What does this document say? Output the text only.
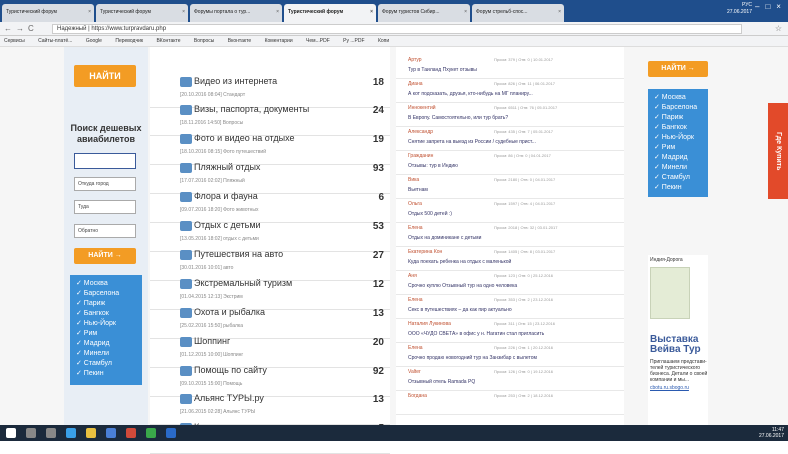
Туристический форум	×	Туристический форум	×	Форумы портала о тур...	×	Туристический форум	×	Форум туристов Сибир...	×	Форум стрельб-спос...	×
РУС
27.06.2017
–□×
←→C	Надежный | https://www.turpravdaru.php	☆
Сервисы	Сайты-платё...	Google	Переводчик	ВКонтакте	Вопросы	Вконтакте	Коментарии	Чем...PDF	Ру ...PDF	Копи
НАЙТИ
Поиск дешевых авиабилетов
Откуда город
Туда
Обратно
НАЙТИ →
✓ Москва
✓ Барселона
✓ Париж
✓ Бангкок
✓ Нью-Йорк
✓ Рим
✓ Мадрид
✓ Минели
✓ Стамбул
✓ Пекин
Видео из интернета
[20.10.2016 08:04] Стандарт
18
Визы, паспорта, документы
[18.11.2016 14:50] Вопросы
24
Фото и видео на отдыхе
[18.10.2016 08:15] Фото путешествий
19
Пляжный отдых
[17.07.2016 02:02] Пляжный
93
Флора и фауна
[09.07.2016 18:20] Фото животных
6
Отдых с детьми
[13.05.2016 18:02] отдых с детьми
53
Путешествия на авто
[30.01.2016 10:01] авто
27
Экстремальный туризм
[01.04.2015 12:13] Экстрим
12
Охота и рыбалка
[25.02.2016 15:50] рыбалка
13
Шоппинг
[01.12.2015 10:00] Шоппинг
20
Помощь по сайту
[09.10.2015 15:00] Помощь
92
Альянс ТУРЫ.ру
[21.06.2015 02:28] Альянс ТУРЫ
13
Артур	Просм: 379 | Отв: 0 | 10.01.2017
Тур в Таиланд Пхукет отзывы
Диана	Просм: 826 | Отв: 11 | 06.01.2017
А кот подсказать, друзья, кто-нибудь на МГ планиру...
Иннокентий	Просм: 6511 | Отв: 76 | 05.01.2017
В Европу. Самостоятельно, или тур брать?
Александр	Просм: 435 | Отв: 7 | 05.01.2017
Снятие запрета на выезд из России / судебные прист...
Гражданин	Просм: 86 | Отв: 0 | 04.01.2017
Отзывы: тур в Индию
Вика	Просм: 2180 | Отв: 0 | 04.01.2017
Вьетнам
Ольга	Просм: 1597 | Отв: 4 | 04.01.2017
Отдых 500 детей :)
Елена	Просм: 2018 | Отв: 32 | 03.01.2017
Отдых на доминикане с детьми
Екатерина Кон	Просм: 1405 | Отв: 8 | 03.01.2017
Куда поехать ребенка на отдых с маленькой
Аня	Просм: 123 | Отв: 0 | 25.12.2016
Срочно куплю Отзывный тур на одно человека
Елена	Просм: 353 | Отв: 2 | 23.12.2016
Секс в путешествиях – да как пир актуально
Наталия Лукинова	Просм: 311 | Отв: 15 | 23.12.2016
ООО «ЧУДО СВЕТА» в офис у н. Нагатин стал пригласить
Елена	Просм: 226 | Отв: 1 | 20.12.2016
Срочно продаю новогодний тур на Занзибар с вылетом
Valter	Просм: 126 | Отв: 0 | 19.12.2016
Отзывный отель Ramada PQ
Богдана	Просм: 253 | Отв: 2 | 18.12.2016
НАЙТИ →
✓ Москва
✓ Барселона
✓ Париж
✓ Бангкок
✓ Нью-Йорк
✓ Рим
✓ Мадрид
✓ Минели
✓ Стамбул
✓ Пекин
Индия-Дорога
Выставка Вейва Тур
Приглашаем представи-телей туристического бизнеса. Детали о своей компании и мы...
cbotu.ru.sbogo.ru
Где Купить
11:47
27.06.2017
